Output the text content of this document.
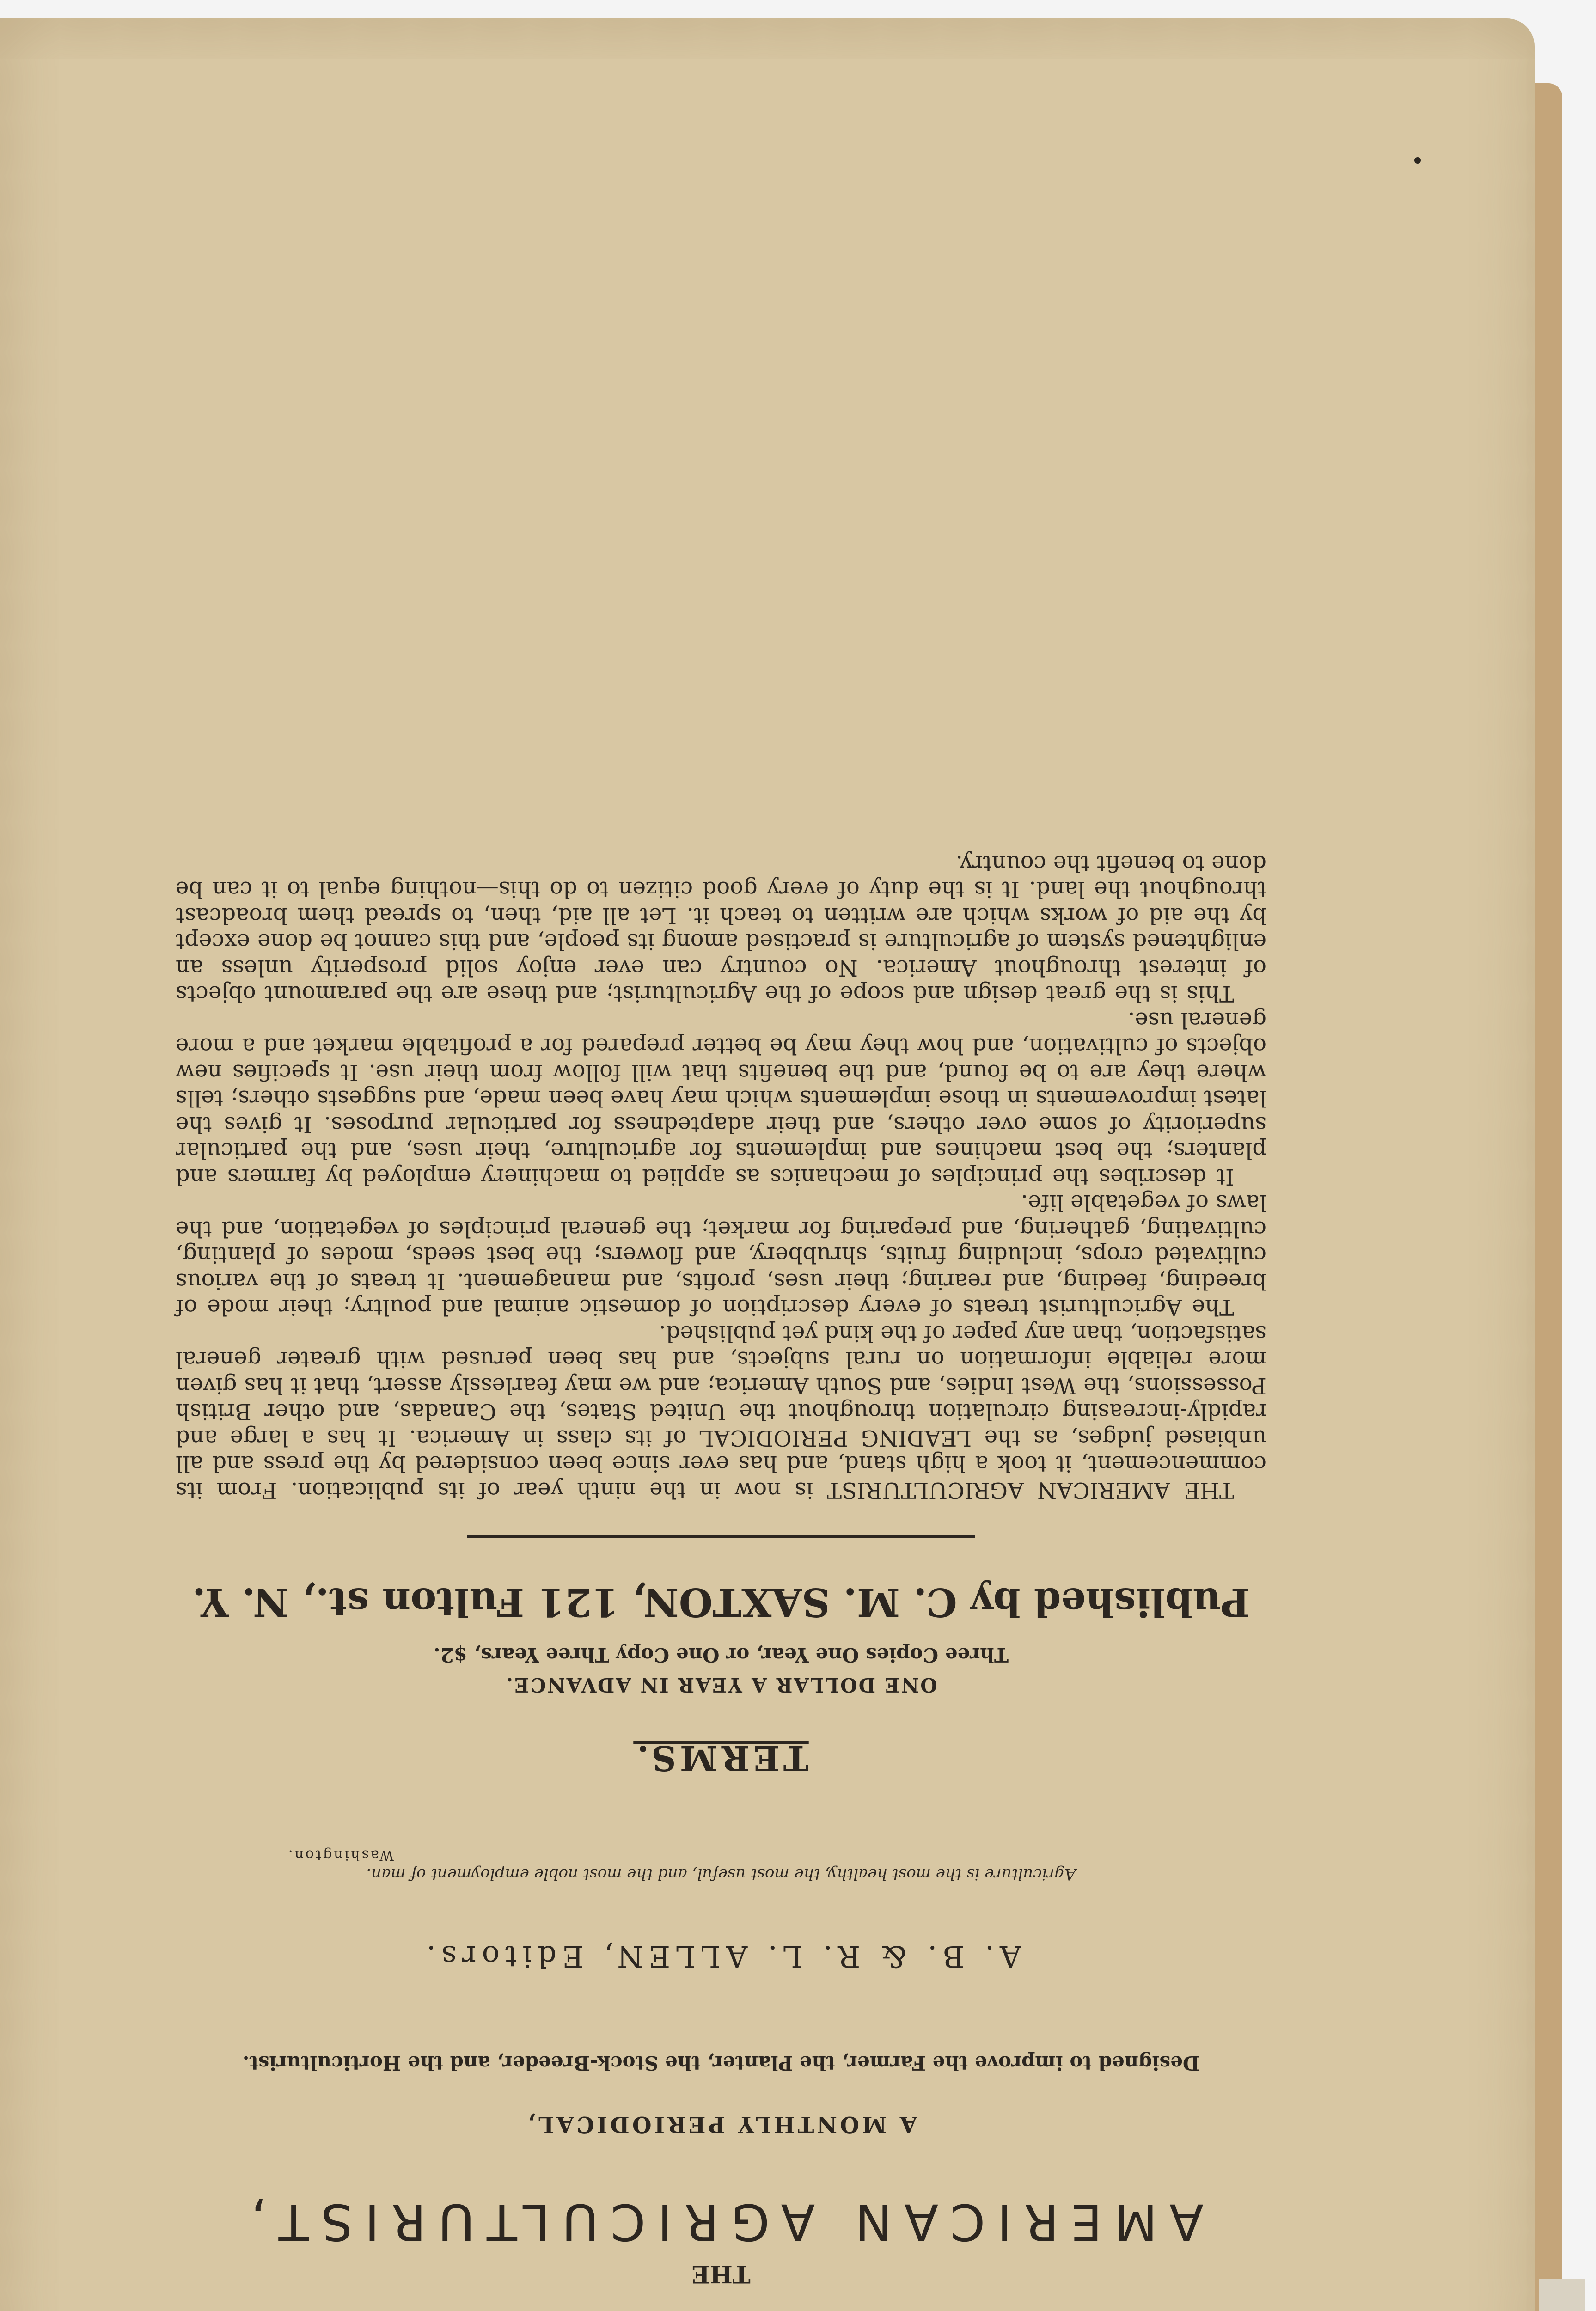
THE
AMERICAN AGRICULTURIST,
A MONTHLY PERIODICAL,
Designed to improve the Farmer, the Planter, the Stock-Breeder, and the Horticulturist.
A. B. & R. L. ALLEN, Editors.
Agriculture is the most healthy, the most useful, and the most noble employment of man.
Washington.
TERMS.
ONE DOLLAR A YEAR IN ADVANCE.
Three Copies One Year, or One Copy Three Years, $2.
Published by C. M. SAXTON, 121 Fulton st., N. Y.

THE AMERICAN AGRICULTURIST is now in the ninth year of its publication. From its commencement, it took a high stand, and has ever since been considered by the press and all unbiased judges, as the LEADING PERIODICAL of its class in America. It has a large and rapidly-increasing circulation throughout the United States, the Canadas, and other British Possessions, the West Indies, and South America; and we may fearlessly assert, that it has given more reliable information on rural subjects, and has been perused with greater general satisfaction, than any paper of the kind yet published.

The Agriculturist treats of every description of domestic animal and poultry; their mode of breeding, feeding, and rearing; their uses, profits, and management. It treats of the various cultivated crops, including fruits, shrubbery, and flowers; the best seeds, modes of planting, cultivating, gathering, and preparing for market; the general principles of vegetation, and the laws of vegetable life.

It describes the principles of mechanics as applied to machinery employed by farmers and planters; the best machines and implements for agriculture, their uses, and the particular superiority of some over others, and their adaptedness for particular purposes. It gives the latest improvements in those implements which may have been made, and suggests others; tells where they are to be found, and the benefits that will follow from their use. It specifies new objects of cultivation, and how they may be better prepared for a profitable market and a more general use.

This is the great design and scope of the Agriculturist; and these are the paramount objects of interest throughout America. No country can ever enjoy solid prosperity unless an enlightened system of agriculture is practised among its people, and this cannot be done except by the aid of works which are written to teach it. Let all aid, then, to spread them broadcast throughout the land. It is the duty of every good citizen to do this—nothing equal to it can be done to benefit the country.
